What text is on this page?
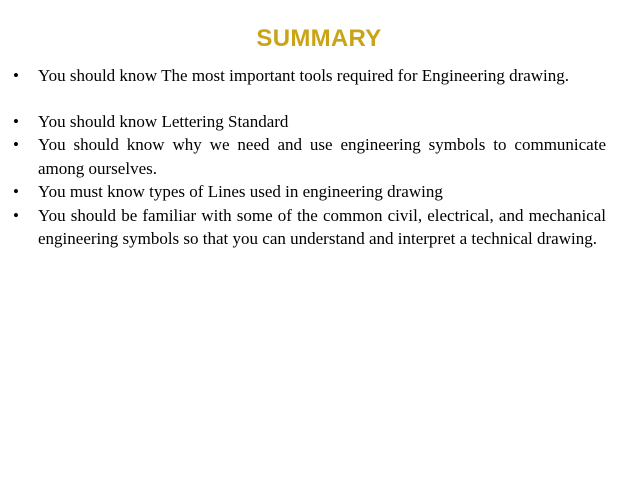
SUMMARY
• You should know The most important tools required for Engineering drawing.
• You should know Lettering Standard
• You should know why we need and use engineering symbols to communicate among ourselves.
• You must know types of Lines used in engineering drawing
• You should be familiar with some of the common civil, electrical, and mechanical engineering symbols so that you can understand and interpret a technical drawing.
